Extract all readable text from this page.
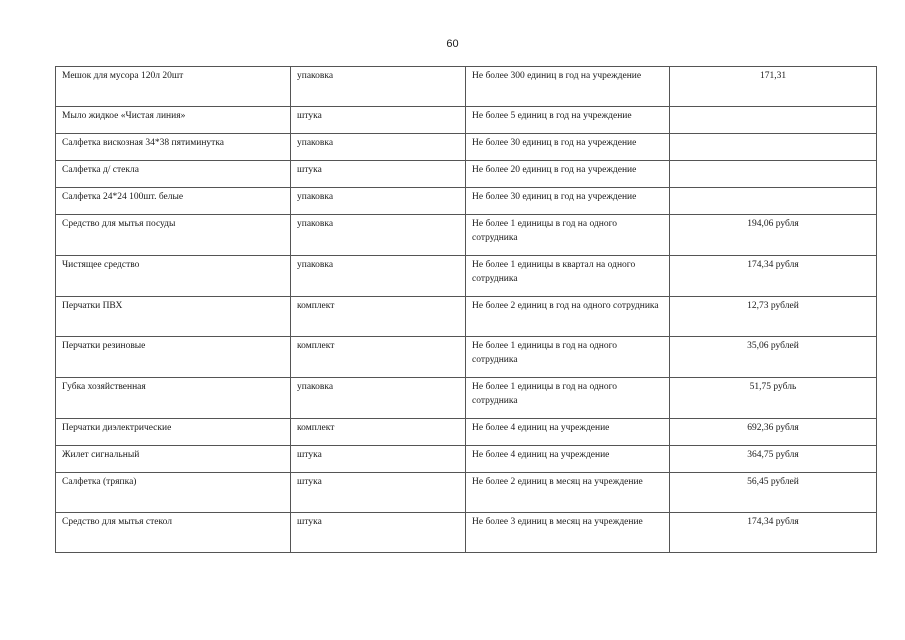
60
Мешок для мусора 120л 20шт	упаковка	Не более 300 единиц в год на учреждение	171,31
Мыло жидкое «Чистая линия»	штука	Не более 5 единиц в год на учреждение	
Салфетка вискозная 34*38 пятиминутка	упаковка	Не более 30 единиц в год на учреждение	
Салфетка д/ стекла	штука	Не более 20 единиц в год на учреждение	
Салфетка 24*24 100шт. белые	упаковка	Не более 30 единиц в год на учреждение	
Средство для мытья посуды	упаковка	Не более 1 единицы в год на одного сотрудника	194,06 рубля
Чистящее средство	упаковка	Не более 1 единицы в квартал на одного сотрудника	174,34 рубля
Перчатки ПВХ	комплект	Не более 2 единиц в год на одного сотрудника	12,73 рублей
Перчатки резиновые	комплект	Не более 1 единицы в год на одного сотрудника	35,06 рублей
Губка хозяйственная	упаковка	Не более 1 единицы в год на одного сотрудника	51,75 рубль
Перчатки диэлектрические	комплект	Не более 4 единиц на учреждение	692,36 рубля
Жилет сигнальный	штука	Не более 4 единиц на учреждение	364,75 рубля
Салфетка (тряпка)	штука	Не более 2 единиц в месяц на учреждение	56,45 рублей
Средство для мытья стекол	штука	Не более 3 единиц в месяц на учреждение	174,34 рубля
